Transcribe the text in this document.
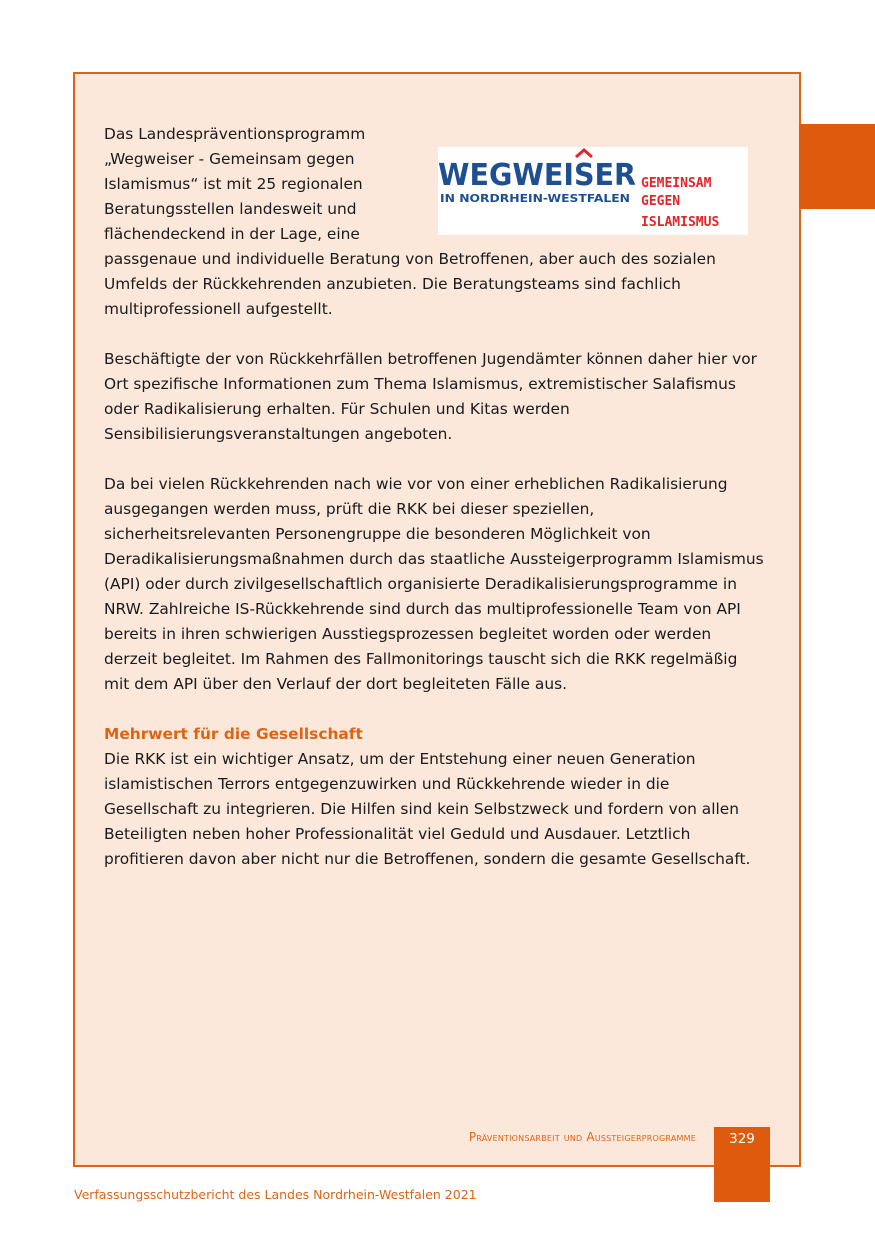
WEGWEISER
IN NORDRHEIN-WESTFALEN
GEMEINSAM
GEGEN
ISLAMISMUS

Das Landespräventionsprogramm „Wegweiser - Gemeinsam gegen Islamismus“ ist mit 25 regionalen Beratungsstellen landesweit und flächendeckend in der Lage, eine passgenaue und individuelle Beratung von Betroffenen, aber auch des sozialen Umfelds der Rückkehrenden anzubieten. Die Beratungsteams sind fachlich multiprofessionell aufgestellt.

Beschäftigte der von Rückkehrfällen betroffenen Jugendämter können daher hier vor Ort spezifische Informationen zum Thema Islamismus, extremistischer Salafismus oder Radikalisierung erhalten. Für Schulen und Kitas werden Sensibilisierungsveranstaltungen angeboten.

Da bei vielen Rückkehrenden nach wie vor von einer erheblichen Radikalisierung ausgegangen werden muss, prüft die RKK bei dieser speziellen, sicherheitsrelevanten Personengruppe die besonderen Möglichkeit von Deradikalisierungsmaßnahmen durch das staatliche Aussteigerprogramm Islamismus (API) oder durch zivilgesellschaftlich organisierte Deradikalisierungsprogramme in NRW. Zahlreiche IS-Rückkehrende sind durch das multiprofessionelle Team von API bereits in ihren schwierigen Ausstiegsprozessen begleitet worden oder werden derzeit begleitet. Im Rahmen des Fallmonitorings tauscht sich die RKK regelmäßig mit dem API über den Verlauf der dort begleiteten Fälle aus.

Mehrwert für die Gesellschaft

Die RKK ist ein wichtiger Ansatz, um der Entstehung einer neuen Generation islamistischen Terrors entgegenzuwirken und Rückkehrende wieder in die Gesellschaft zu integrieren. Die Hilfen sind kein Selbstzweck und fordern von allen Beteiligten neben hoher Professionalität viel Geduld und Ausdauer. Letztlich profitieren davon aber nicht nur die Betroffenen, sondern die gesamte Gesellschaft.

Präventionsarbeit und Aussteigerprogramme	329
Verfassungsschutzbericht des Landes Nordrhein-Westfalen 2021
